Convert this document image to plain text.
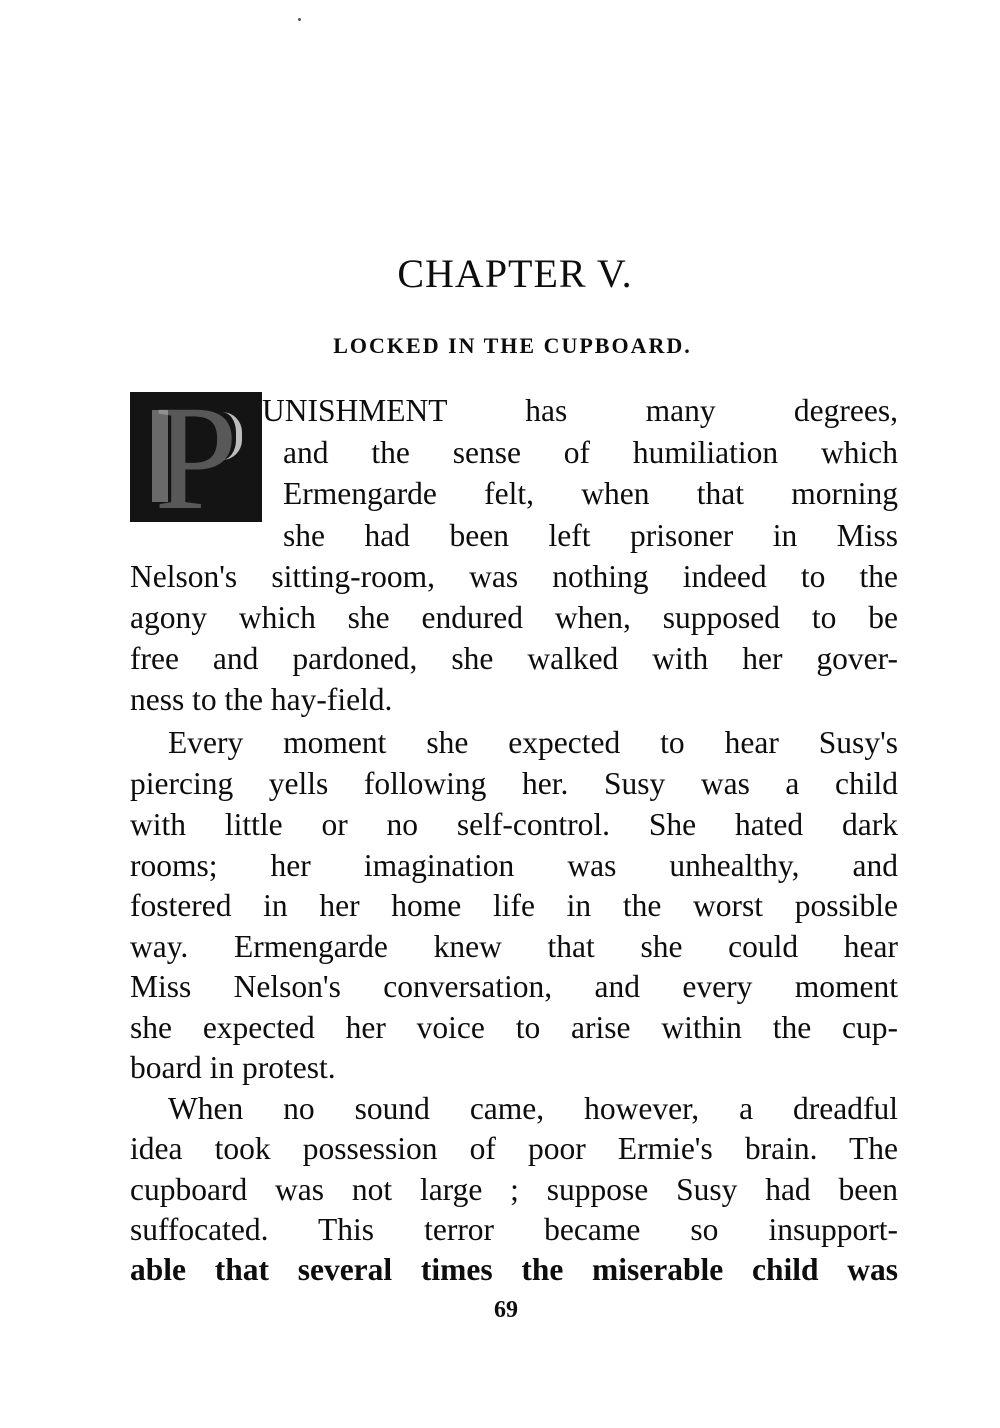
CHAPTER V.
LOCKED IN THE CUPBOARD.
P UNISHMENT has many degrees,
and the sense of humiliation which
Ermengarde felt, when that morning
she had been left prisoner in Miss
Nelson's sitting-room, was nothing indeed to the
agony which she endured when, supposed to be
free and pardoned, she walked with her gover-
ness to the hay-field.
Every moment she expected to hear Susy's
piercing yells following her. Susy was a child
with little or no self-control. She hated dark
rooms; her imagination was unhealthy, and
fostered in her home life in the worst possible
way. Ermengarde knew that she could hear
Miss Nelson's conversation, and every moment
she expected her voice to arise within the cup-
board in protest.
When no sound came, however, a dreadful
idea took possession of poor Ermie's brain. The
cupboard was not large ; suppose Susy had been
suffocated. This terror became so insupport-
able that several times the miserable child was
69
